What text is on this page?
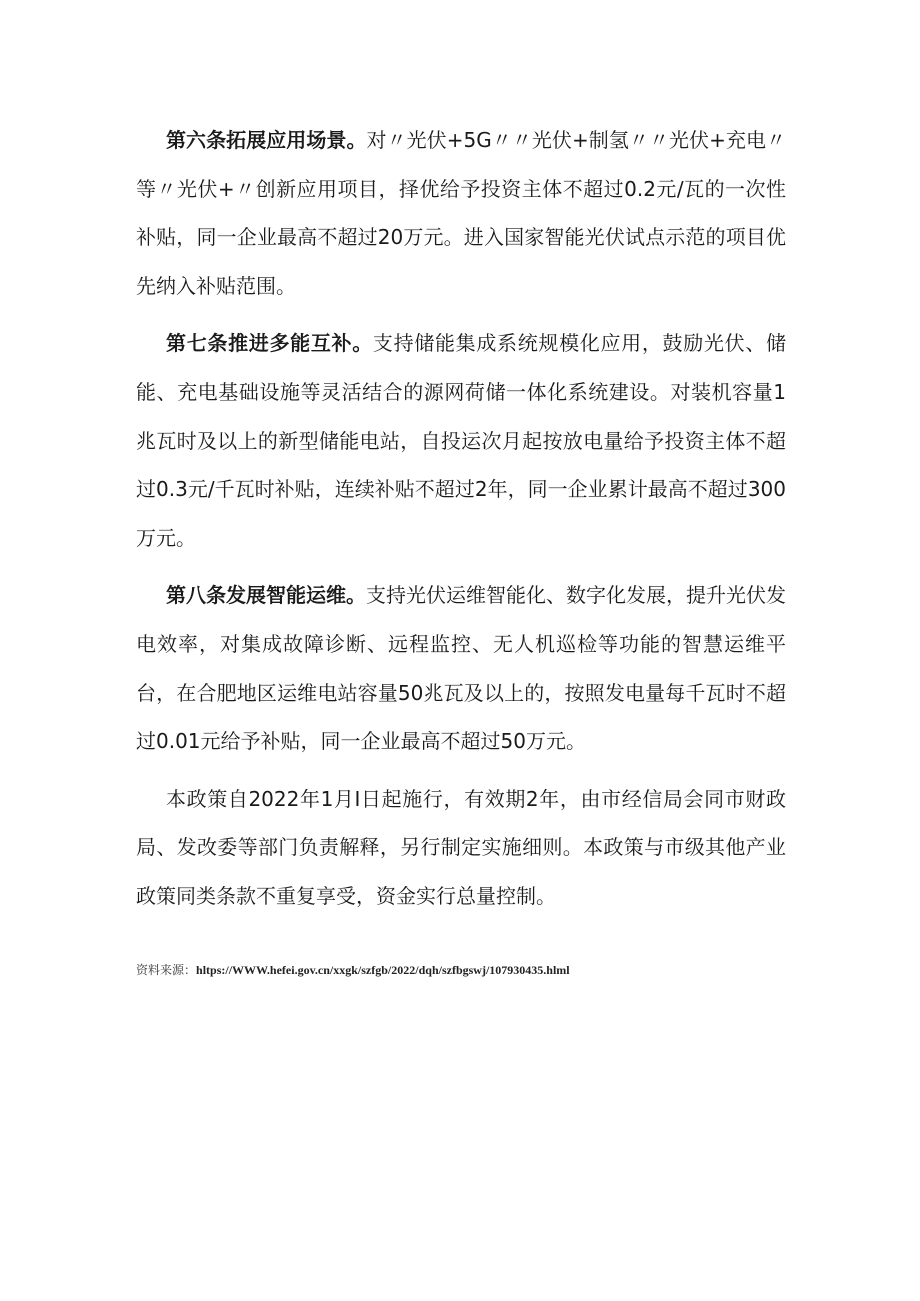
第六条拓展应用场景。对〃光伏+5G〃〃光伏+制氢〃〃光伏+充电〃等〃光伏+〃创新应用项目，择优给予投资主体不超过0.2元/瓦的一次性补贴，同一企业最高不超过20万元。进入国家智能光伏试点示范的项目优先纳入补贴范围。

第七条推进多能互补。支持储能集成系统规模化应用，鼓励光伏、储能、充电基础设施等灵活结合的源网荷储一体化系统建设。对装机容量1兆瓦时及以上的新型储能电站，自投运次月起按放电量给予投资主体不超过0.3元/千瓦时补贴，连续补贴不超过2年，同一企业累计最高不超过300万元。

第八条发展智能运维。支持光伏运维智能化、数字化发展，提升光伏发电效率，对集成故障诊断、远程监控、无人机巡检等功能的智慧运维平台，在合肥地区运维电站容量50兆瓦及以上的，按照发电量每千瓦时不超过0.01元给予补贴，同一企业最高不超过50万元。

本政策自2022年1月I日起施行，有效期2年，由市经信局会同市财政局、发改委等部门负责解释，另行制定实施细则。本政策与市级其他产业政策同类条款不重复享受，资金实行总量控制。

资料来源：hltps://WWW.hefei.gov.cn/xxgk/szfgb/2022/dqh/szfbgswj/107930435.hlml
